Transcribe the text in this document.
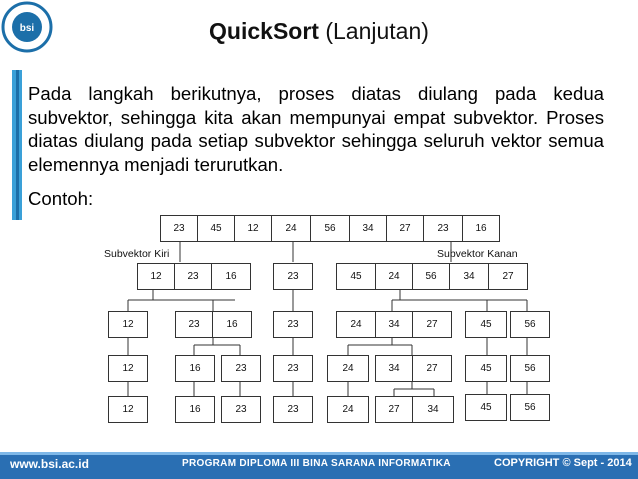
bsi	QuickSort (Lanjutan)

Pada langkah berikutnya, proses diatas diulang pada kedua subvektor, sehingga kita akan mempunyai empat subvektor. Proses diatas diulang pada setiap subvektor sehingga seluruh vektor semua elemennya menjadi terurutkan.

Contoh:
23	45	12	24	56	34	27	23	16
Subvektor Kiri	Subvektor Kanan
12	23	16	23	45	24	56	34	27
12	23	16	23	24	34	27	45	56
12	16	23	23	24	34	27	45	56
12	16	23	23	24	27	34	45	56
www.bsi.ac.id	PROGRAM DIPLOMA III BINA SARANA INFORMATIKA	COPYRIGHT © Sept - 2014
